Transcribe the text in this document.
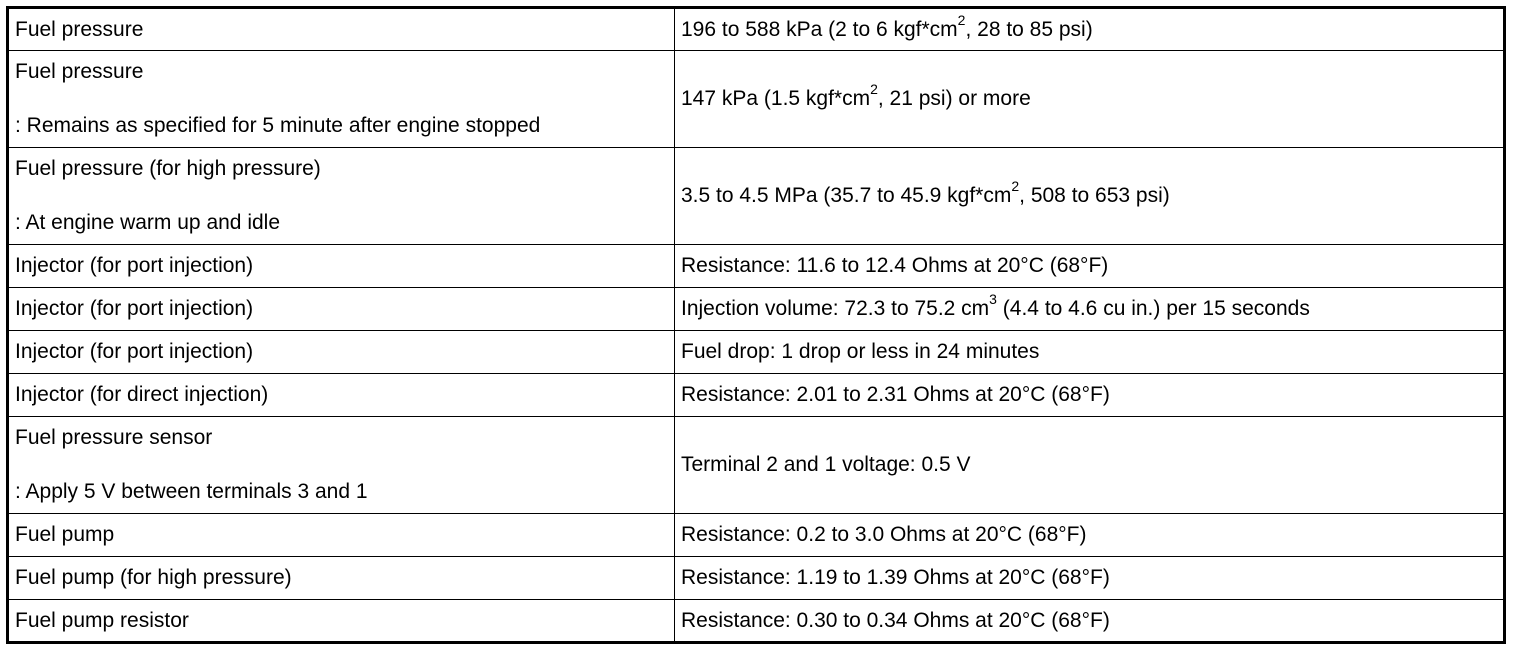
Fuel pressure	196 to 588 kPa (2 to 6 $kgf*cm^2$, 28 to 85 psi)

Fuel pressure
: Remains as specified for 5 minute after engine stopped	147 kPa (1.5 $kgf*cm^2$, 21 psi) or more

Fuel pressure (for high pressure)
: At engine warm up and idle	3.5 to 4.5 MPa (35.7 to 45.9 $kgf*cm^2$, 508 to 653 psi)

Injector (for port injection)	Resistance: 11.6 to 12.4 Ohms at 20°C (68°F)

Injector (for port injection)	Injection volume: 72.3 to 75.2 $cm^3$ (4.4 to 4.6 cu in.) per 15 seconds

Injector (for port injection)	Fuel drop: 1 drop or less in 24 minutes

Injector (for direct injection)	Resistance: 2.01 to 2.31 Ohms at 20°C (68°F)

Fuel pressure sensor
: Apply 5 V between terminals 3 and 1	Terminal 2 and 1 voltage: 0.5 V

Fuel pump	Resistance: 0.2 to 3.0 Ohms at 20°C (68°F)

Fuel pump (for high pressure)	Resistance: 1.19 to 1.39 Ohms at 20°C (68°F)

Fuel pump resistor	Resistance: 0.30 to 0.34 Ohms at 20°C (68°F)
